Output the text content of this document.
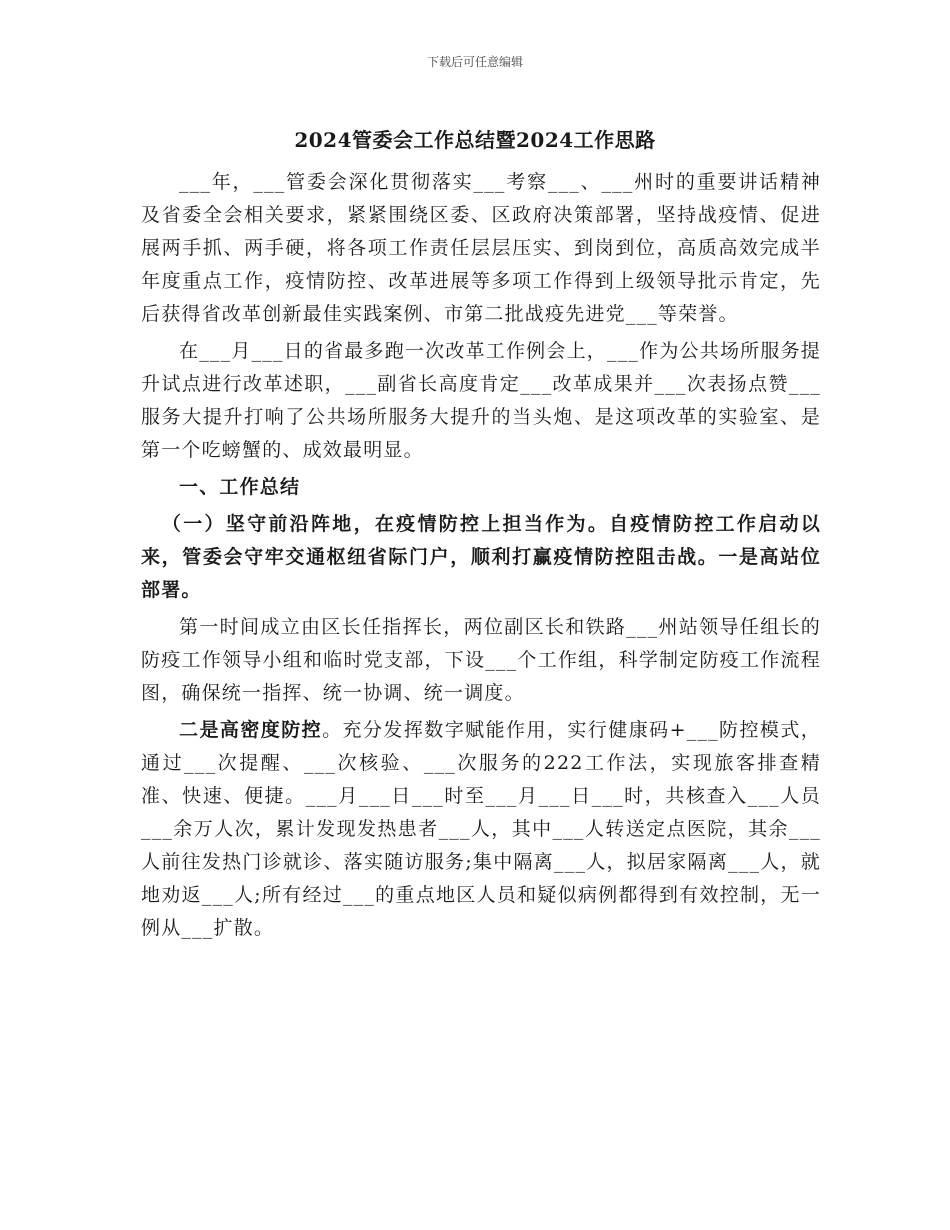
下载后可任意编辑
2024管委会工作总结暨2024工作思路

___年，___管委会深化贯彻落实___考察___、___州时的重要讲话精神及省委全会相关要求，紧紧围绕区委、区政府决策部署，坚持战疫情、促进展两手抓、两手硬，将各项工作责任层层压实、到岗到位，高质高效完成半年度重点工作，疫情防控、改革进展等多项工作得到上级领导批示肯定，先后获得省改革创新最佳实践案例、市第二批战疫先进党___等荣誉。

在___月___日的省最多跑一次改革工作例会上，___作为公共场所服务提升试点进行改革述职，___副省长高度肯定___改革成果并___次表扬点赞___服务大提升打响了公共场所服务大提升的当头炮、是这项改革的实验室、是第一个吃螃蟹的、成效最明显。

一、工作总结

（一）坚守前沿阵地，在疫情防控上担当作为。自疫情防控工作启动以来，管委会守牢交通枢纽省际门户，顺利打赢疫情防控阻击战。一是高站位部署。

第一时间成立由区长任指挥长，两位副区长和铁路___州站领导任组长的防疫工作领导小组和临时党支部，下设___个工作组，科学制定防疫工作流程图，确保统一指挥、统一协调、统一调度。

二是高密度防控。充分发挥数字赋能作用，实行健康码+___防控模式，通过___次提醒、___次核验、___次服务的222工作法，实现旅客排查精准、快速、便捷。___月___日___时至___月___日___时，共核查入___人员___余万人次，累计发现发热患者___人，其中___人转送定点医院，其余___人前往发热门诊就诊、落实随访服务;集中隔离___人，拟居家隔离___人，就地劝返___人;所有经过___的重点地区人员和疑似病例都得到有效控制，无一例从___扩散。
